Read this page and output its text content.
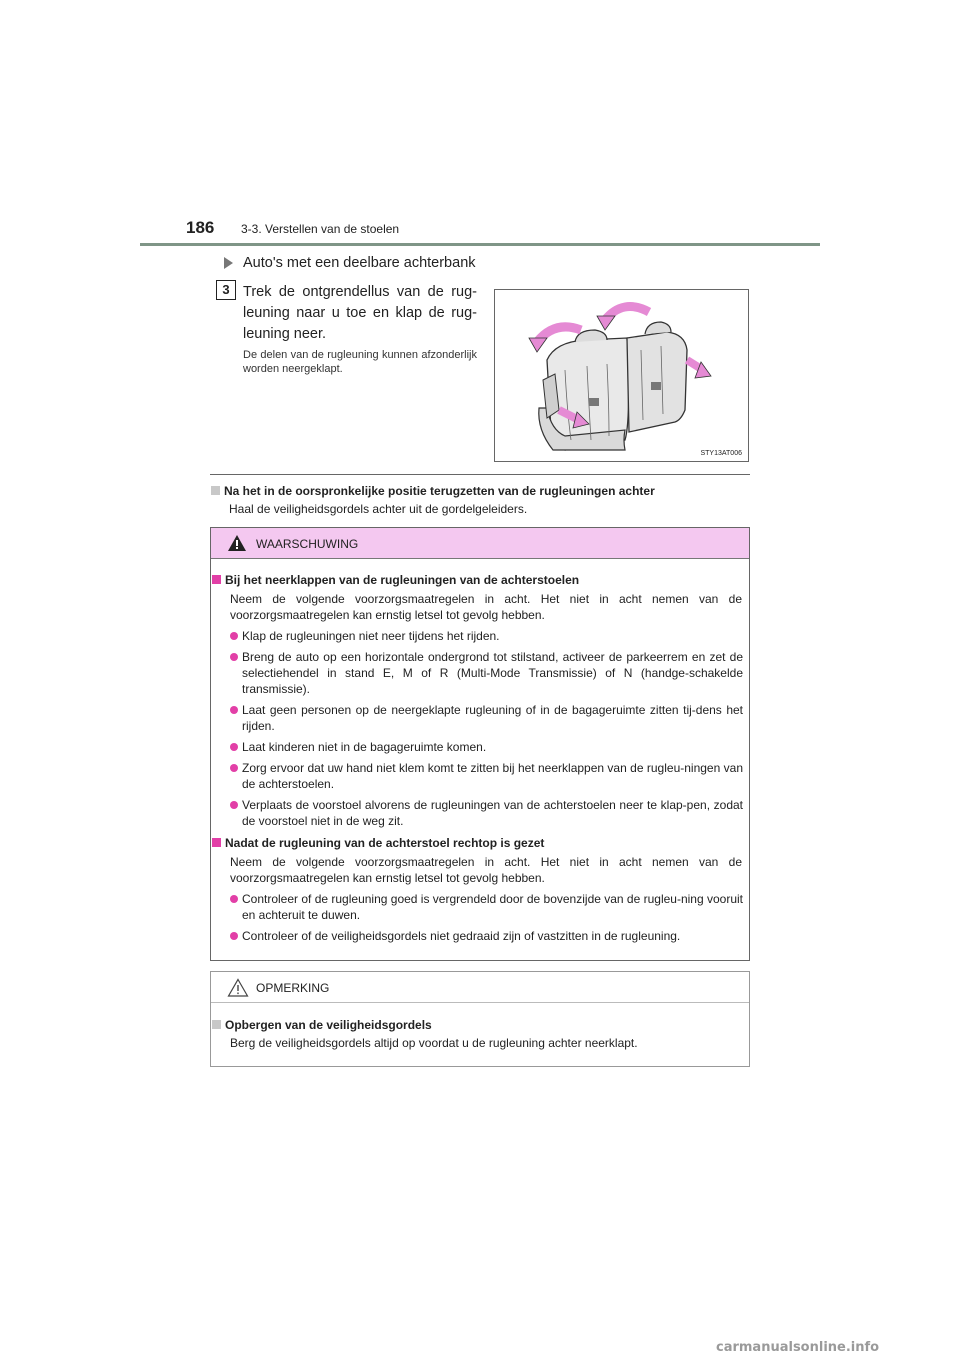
186 3-3. Verstellen van de stoelen
Auto's met een deelbare achterbank
3 Trek de ontgrendellus van de rug-leuning naar u toe en klap de rug-leuning neer.
De delen van de rugleuning kunnen afzonderlijk worden neergeklapt.
STY13AT006
Na het in de oorspronkelijke positie terugzetten van de rugleuningen achter
Haal de veiligheidsgordels achter uit de gordelgeleiders.
WAARSCHUWING
Bij het neerklappen van de rugleuningen van de achterstoelen
Neem de volgende voorzorgsmaatregelen in acht. Het niet in acht nemen van de voorzorgsmaatregelen kan ernstig letsel tot gevolg hebben.
Klap de rugleuningen niet neer tijdens het rijden.
Breng de auto op een horizontale ondergrond tot stilstand, activeer de parkeerrem en zet de selectiehendel in stand E, M of R (Multi-Mode Transmissie) of N (handge-schakelde transmissie).
Laat geen personen op de neergeklapte rugleuning of in de bagageruimte zitten tij-dens het rijden.
Laat kinderen niet in de bagageruimte komen.
Zorg ervoor dat uw hand niet klem komt te zitten bij het neerklappen van de rugleu-ningen van de achterstoelen.
Verplaats de voorstoel alvorens de rugleuningen van de achterstoelen neer te klap-pen, zodat de voorstoel niet in de weg zit.
Nadat de rugleuning van de achterstoel rechtop is gezet
Neem de volgende voorzorgsmaatregelen in acht. Het niet in acht nemen van de voorzorgsmaatregelen kan ernstig letsel tot gevolg hebben.
Controleer of de rugleuning goed is vergrendeld door de bovenzijde van de rugleu-ning vooruit en achteruit te duwen.
Controleer of de veiligheidsgordels niet gedraaid zijn of vastzitten in de rugleuning.
OPMERKING
Opbergen van de veiligheidsgordels
Berg de veiligheidsgordels altijd op voordat u de rugleuning achter neerklapt.
carmanualsonline.info
